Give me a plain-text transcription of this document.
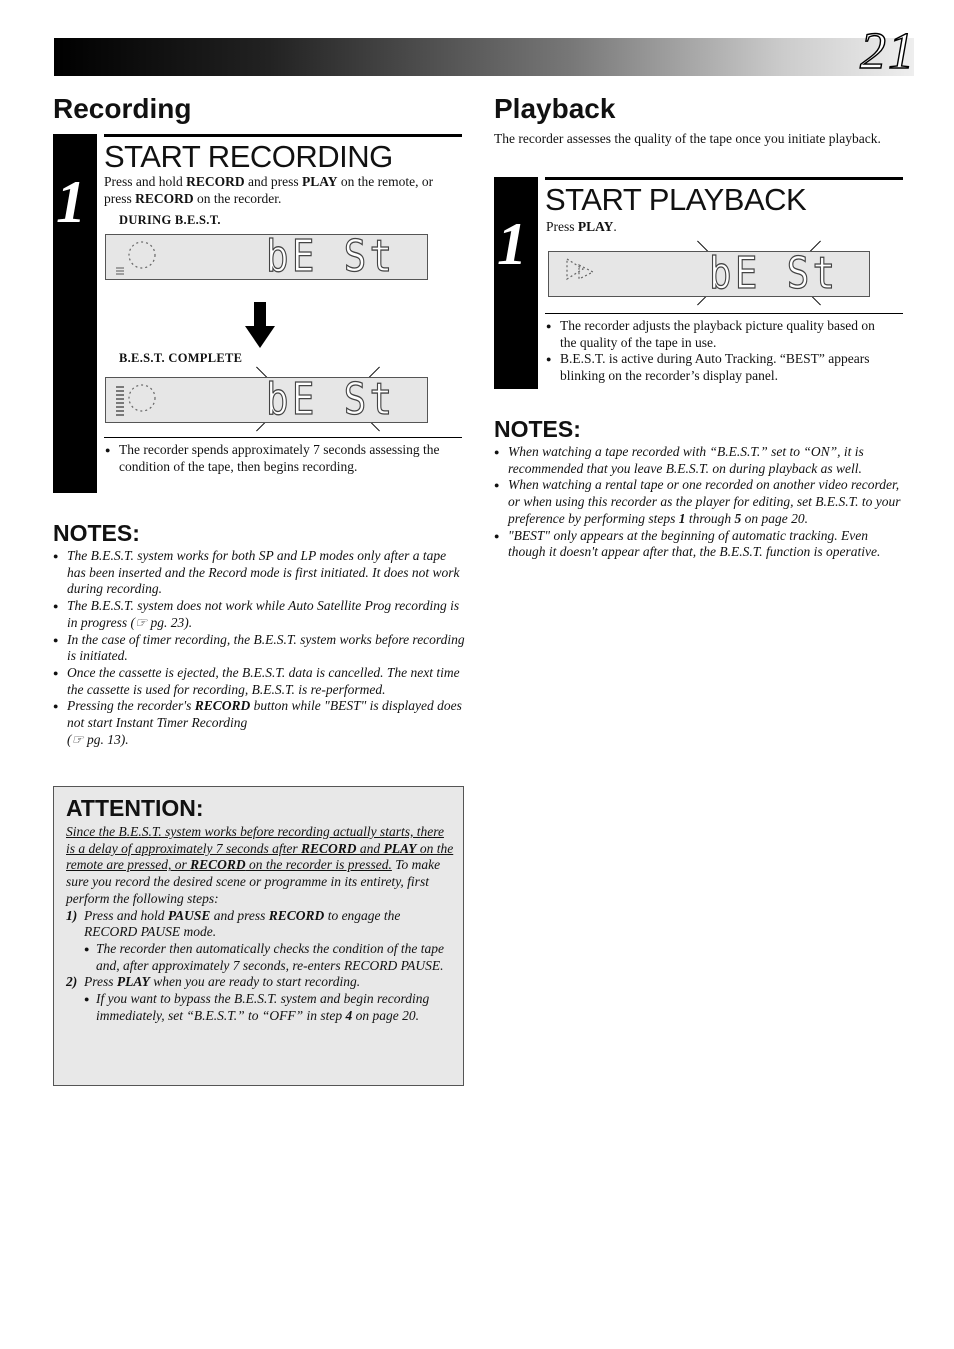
21
Recording
1
START RECORDING
Press and hold RECORD and press PLAY on the remote, or press RECORD on the recorder.
DURING B.E.S.T.
bE St
B.E.S.T. COMPLETE
bE St
● The recorder spends approximately 7 seconds assessing the condition of the tape, then begins recording.
NOTES:
● The B.E.S.T. system works for both SP and LP modes only after a tape has been inserted and the Record mode is first initiated. It does not work during recording.
● The B.E.S.T. system does not work while Auto Satellite Prog recording is in progress (☞ pg. 23).
● In the case of timer recording, the B.E.S.T. system works before recording is initiated.
● Once the cassette is ejected, the B.E.S.T. data is cancelled. The next time the cassette is used for recording, B.E.S.T. is re-performed.
● Pressing the recorder's RECORD button while "BEST" is displayed does not start Instant Timer Recording
(☞ pg. 13).
ATTENTION:
Since the B.E.S.T. system works before recording actually starts, there is a delay of approximately 7 seconds after RECORD and PLAY on the remote are pressed, or RECORD on the recorder is pressed. To make sure you record the desired scene or programme in its entirety, first perform the following steps:
1) Press and hold PAUSE and press RECORD to engage the RECORD PAUSE mode.
● The recorder then automatically checks the condition of the tape and, after approximately 7 seconds, re-enters RECORD PAUSE.
2) Press PLAY when you are ready to start recording.
● If you want to bypass the B.E.S.T. system and begin recording immediately, set “B.E.S.T.” to “OFF” in step 4 on page 20.
Playback
The recorder assesses the quality of the tape once you initiate playback.
1
START PLAYBACK
Press PLAY.
bE St
● The recorder adjusts the playback picture quality based on the quality of the tape in use.
● B.E.S.T. is active during Auto Tracking. “BEST” appears blinking on the recorder’s display panel.
NOTES:
● When watching a tape recorded with “B.E.S.T.” set to “ON”, it is recommended that you leave B.E.S.T. on during playback as well.
● When watching a rental tape or one recorded on another video recorder, or when using this recorder as the player for editing, set B.E.S.T. to your preference by performing steps 1 through 5 on page 20.
● "BEST" only appears at the beginning of automatic tracking. Even though it doesn't appear after that, the B.E.S.T. function is operative.
